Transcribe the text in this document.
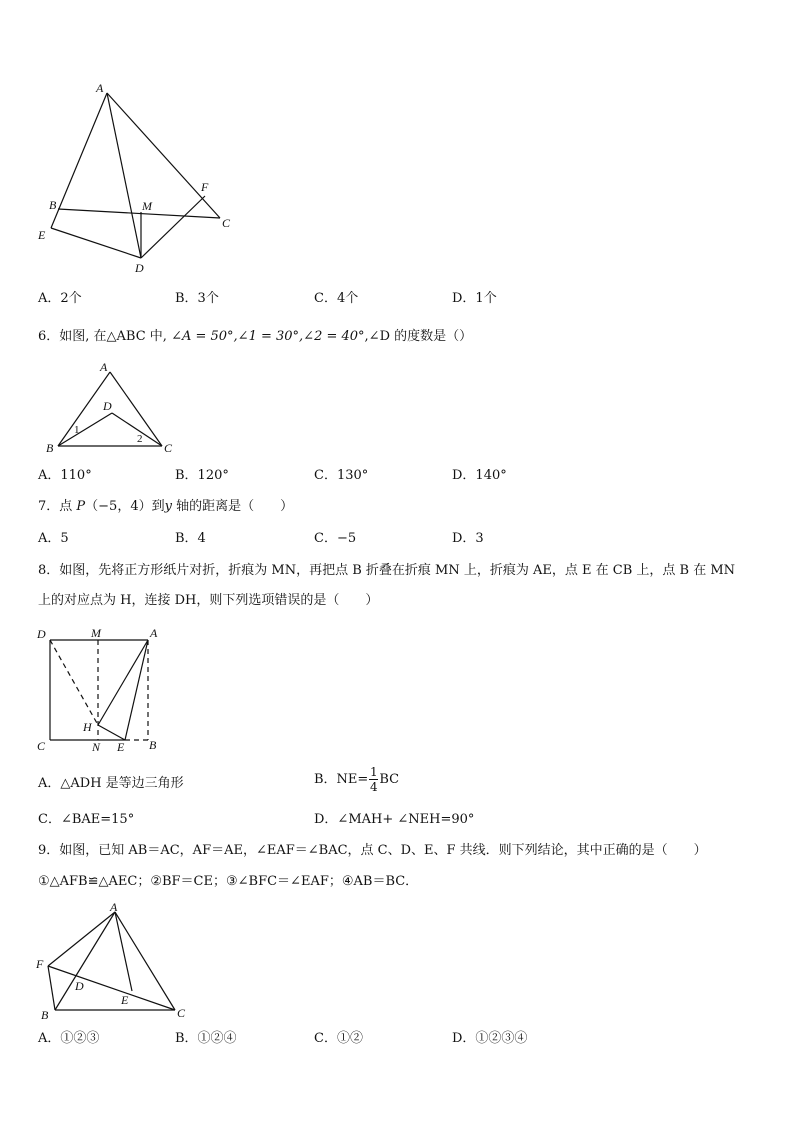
A
B
C
D
E
F
M
A．2个	B．3个	C．4个	D．1个
6．如图, 在△ABC 中, ∠A = 50°,∠1 = 30°,∠2 = 40°,∠D 的度数是（）
A
B	C
D
1
2
A．110°	B．120°	C．130°	D．140°
7．点 P（−5，4）到y 轴的距离是（　　）
A．5	B．4	C．−5	D．3
8．如图，先将正方形纸片对折，折痕为 MN，再把点 B 折叠在折痕 MN 上，折痕为 AE，点 E 在 CB 上，点 B 在 MN
上的对应点为 H，连接 DH，则下列选项错误的是（　　）
D	M	A
H
C	N E B
A．△ADH 是等边三角形	B．$NE= \frac{1}{4}$ BC
C．∠BAE=15°	D．∠MAH+ ∠NEH=90°
9．如图，已知 AB＝AC，AF＝AE，∠EAF＝∠BAC，点 C、D、E、F 共线．则下列结论，其中正确的是（　　）
①△AFB≌△AEC；②BF＝CE；③∠BFC＝∠EAF；④AB＝BC．
A
F
D
E
B	C
A．①②③	B．①②④	C．①②	D．①②③④
